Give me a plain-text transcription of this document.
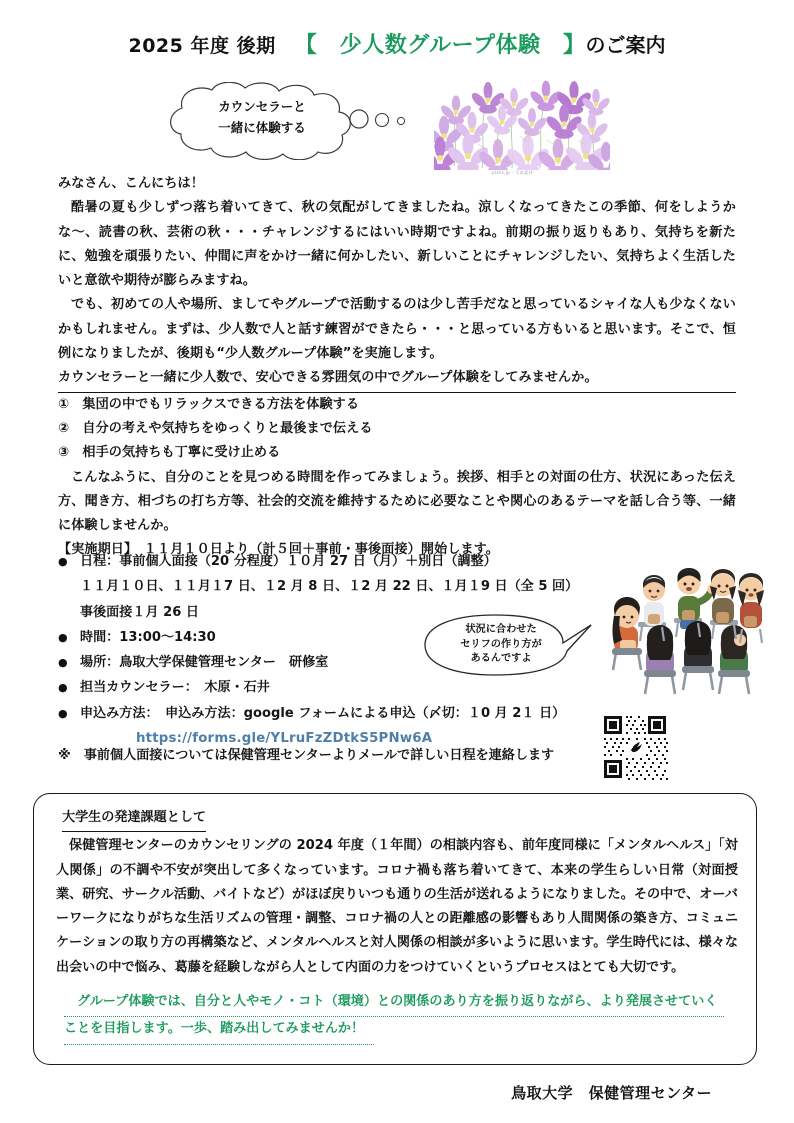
2025 年度 後期 【　 少人数グループ体験　 】のご案内
カウンセラーと
一緒に体験する
pixta.jp - 写真素材

みなさん、こんにちは！

酷暑の夏も少しずつ落ち着いてきて、秋の気配がしてきましたね。涼しくなってきたこの季節、何をしようかな〜、読書の秋、芸術の秋・・・チャレンジするにはいい時期ですよね。前期の振り返りもあり、気持ちを新たに、勉強を頑張りたい、仲間に声をかけ一緒に何かしたい、新しいことにチャレンジしたい、気持ちよく生活したいと意欲や期待が膨らみますね。

でも、初めての人や場所、ましてやグループで活動するのは少し苦手だなと思っているシャイな人も少なくないかもしれません。まずは、少人数で人と話す練習ができたら・・・と思っている方もいると思います。そこで、恒例になりましたが、後期も“少人数グループ体験”を実施します。

カウンセラーと一緒に少人数で、安心できる雰囲気の中でグループ体験をしてみませんか。

①　集団の中でもリラックスできる方法を体験する
②　自分の考えや気持ちをゆっくりと最後まで伝える
③　相手の気持ちも丁寧に受け止める

こんなふうに、自分のことを見つめる時間を作ってみましょう。挨拶、相手との対面の仕方、状況にあった伝え方、聞き方、相づちの打ち方等、社会的交流を維持するために必要なことや関心のあるテーマを話し合う等、一緒に体験しませんか。

【実施期日】　１１月１０日より（計５回＋事前・事後面接）開始します。

● 日程：事前個人面接（20 分程度）１０月 27 日（月）＋別日（調整）
１１月１０日、１１月１7 日、１2 月 8 日、１2 月 22 日、１月１9 日（全 5 回）
事後面接１月 26 日
● 時間：13:00〜14:30
● 場所：鳥取大学保健管理センター　研修室
● 担当カウンセラー：　木原・石井
● 申込み方法：　申込み方法：google フォームによる申込（〆切：１0 月 2１ 日）
https://forms.gle/YLruFzZDtkS5PNw6A
状況に合わせた
セリフの作り方が
あるんですよ
※　事前個人面接については保健管理センターよりメールで詳しい日程を連絡します
大学生の発達課題として
保健管理センターのカウンセリングの 2024 年度（１年間）の相談内容も、前年度同様に「メンタルヘルス」「対人関係」の不調や不安が突出して多くなっています。コロナ禍も落ち着いてきて、本来の学生らしい日常（対面授業、研究、サークル活動、バイトなど）がほぼ戻りいつも通りの生活が送れるようになりました。その中で、オーバーワークになりがちな生活リズムの管理・調整、コロナ禍の人との距離感の影響もあり人間関係の築き方、コミュニケーションの取り方の再構築など、メンタルヘルスと対人関係の相談が多いように思います。学生時代には、様々な出会いの中で悩み、葛藤を経験しながら人として内面の力をつけていくというプロセスはとても大切です。
グループ体験では、自分と人やモノ・コト（環境）との関係のあり方を振り返りながら、より発展させていく
ことを目指します。一歩、踏み出してみませんか！
鳥取大学　保健管理センター
